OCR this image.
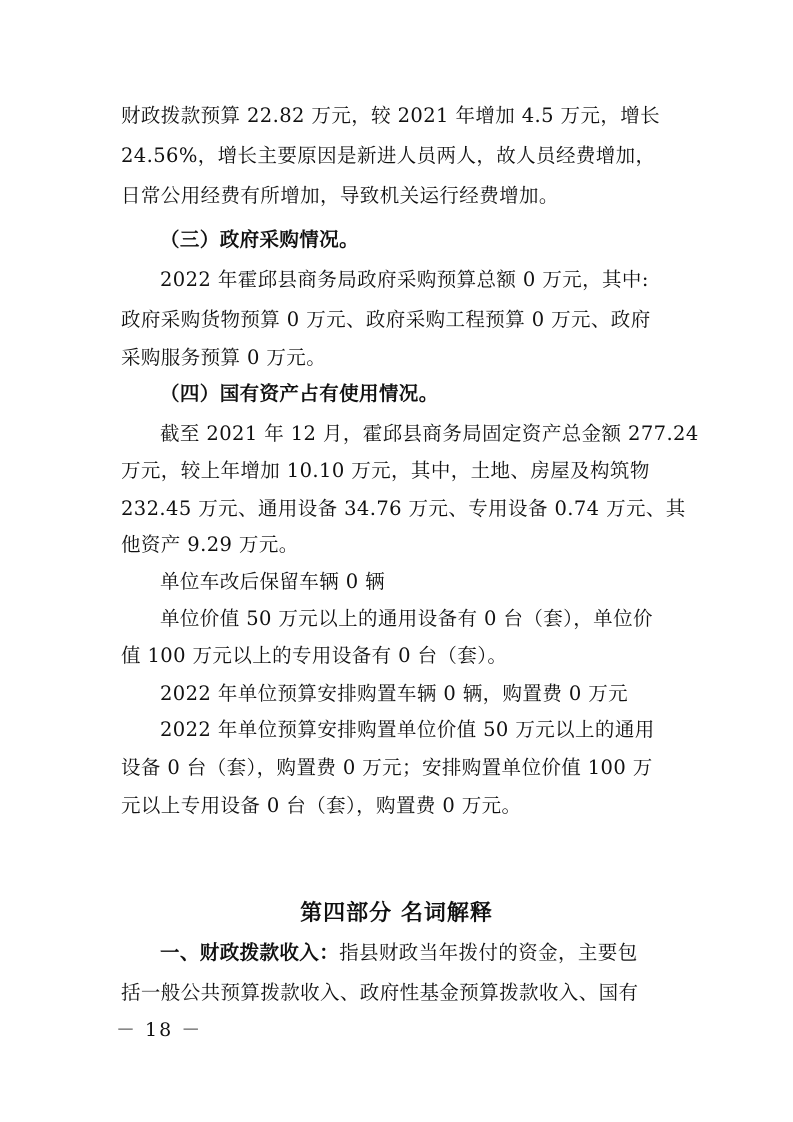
财政拨款预算 22.82 万元，较 2021 年增加 4.5 万元，增长
24.56%，增长主要原因是新进人员两人，故人员经费增加，
日常公用经费有所增加，导致机关运行经费增加。
（三）政府采购情况。
2022 年霍邱县商务局政府采购预算总额 0 万元，其中:
政府采购货物预算 0 万元、政府采购工程预算 0 万元、政府
采购服务预算 0 万元。
（四）国有资产占有使用情况。
截至 2021 年 12 月，霍邱县商务局固定资产总金额 277.24
万元，较上年增加 10.10 万元，其中，土地、房屋及构筑物
232.45 万元、通用设备 34.76 万元、专用设备 0.74 万元、其
他资产 9.29 万元。
单位车改后保留车辆 0 辆
单位价值 50 万元以上的通用设备有 0 台（套），单位价
值 100 万元以上的专用设备有 0 台（套）。
2022 年单位预算安排购置车辆 0 辆，购置费 0 万元
2022 年单位预算安排购置单位价值 50 万元以上的通用
设备 0 台（套），购置费 0 万元；安排购置单位价值 100 万
元以上专用设备 0 台（套），购置费 0 万元。
第四部分 名词解释
一、财政拨款收入：指县财政当年拨付的资金，主要包
括一般公共预算拨款收入、政府性基金预算拨款收入、国有
－ 18 －
